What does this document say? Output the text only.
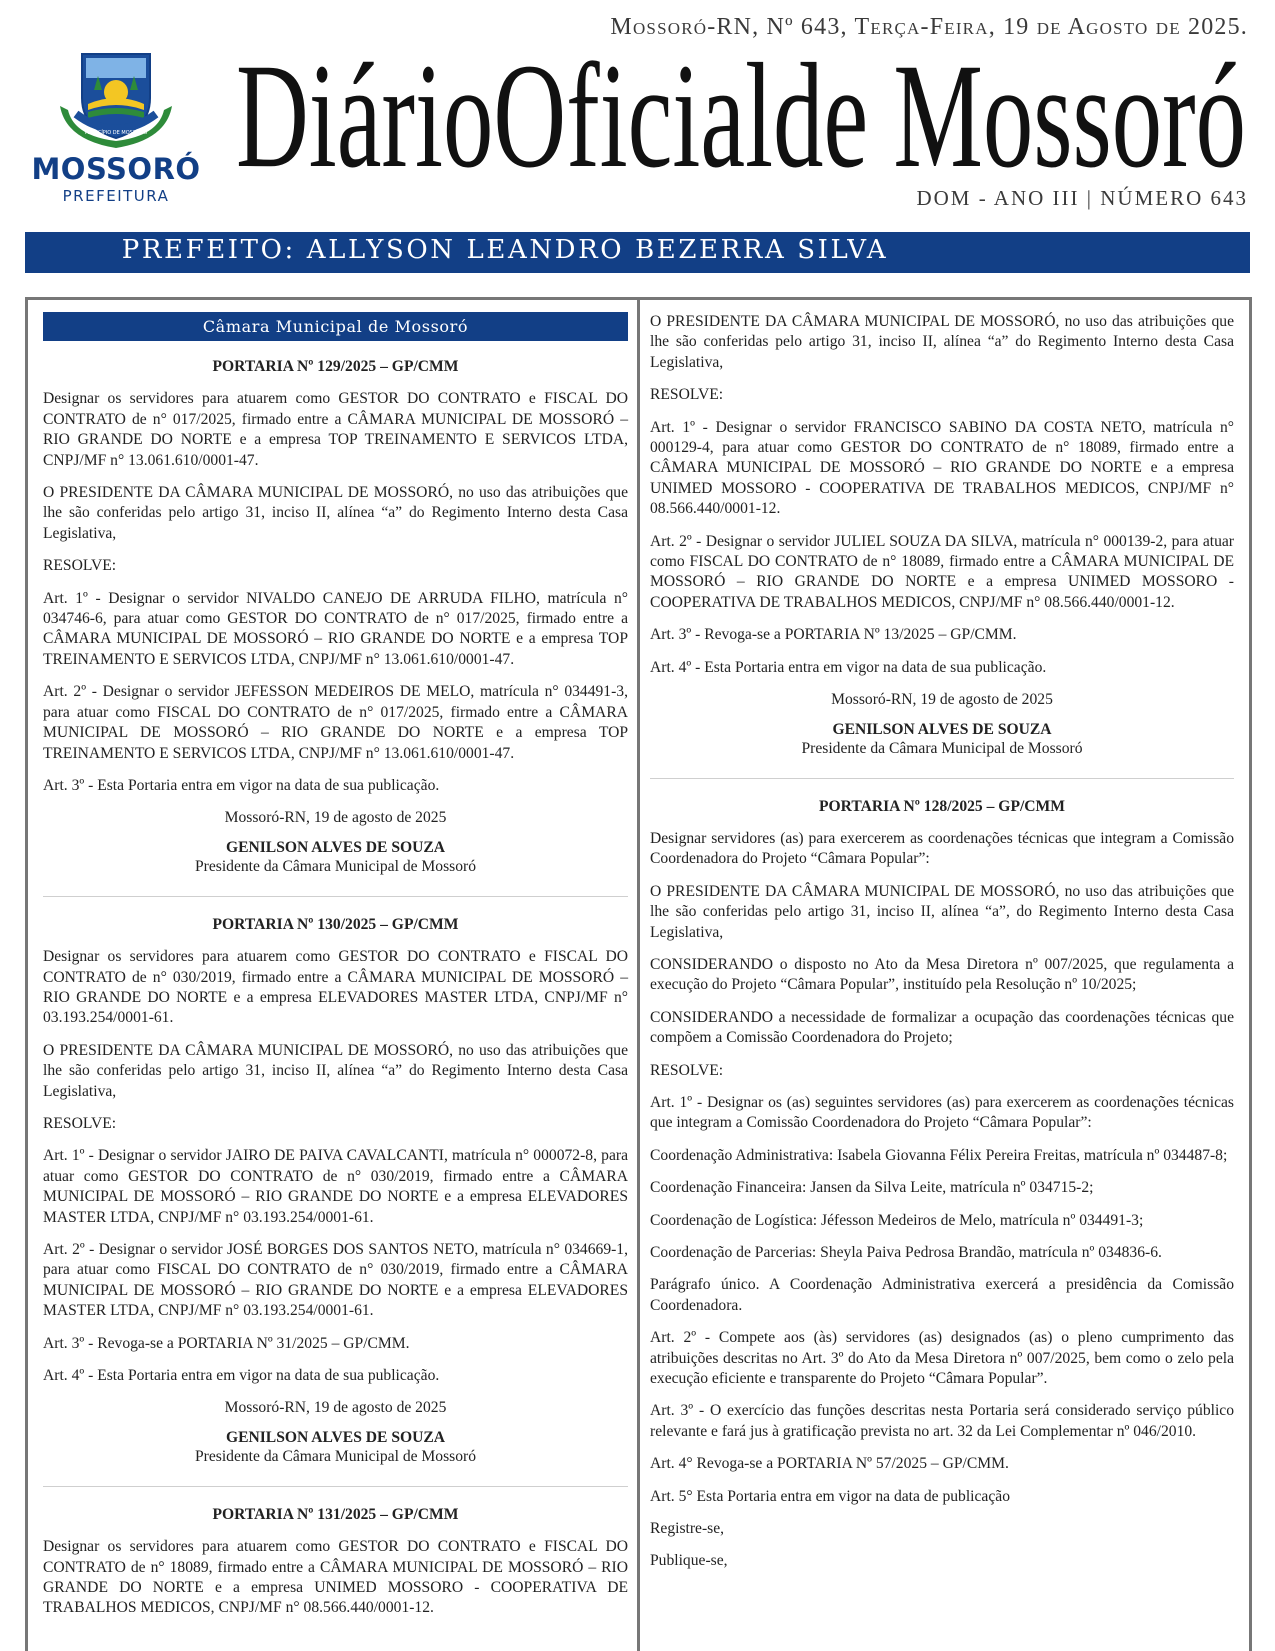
Mossoró-RN, Nº 643, Terça-Feira, 19 de Agosto de 2025.
MUNICÍPIO DE MOSSORÓ
MOSSORÓ
PREFEITURA DiárioOficialde Mossoró
DOM - ANO III | NÚMERO 643
PREFEITO: ALLYSON LEANDRO BEZERRA SILVA
Câmara Municipal de Mossoró
PORTARIA Nº 129/2025 – GP/CMM
Designar os servidores para atuarem como GESTOR DO CONTRATO e FISCAL DO CONTRATO de n° 017/2025, firmado entre a CÂMARA MUNICIPAL DE MOSSORÓ – RIO GRANDE DO NORTE e a empresa TOP TREINAMENTO E SERVICOS LTDA, CNPJ/MF n° 13.061.610/0001-47.
O PRESIDENTE DA CÂMARA MUNICIPAL DE MOSSORÓ, no uso das atribuições que lhe são conferidas pelo artigo 31, inciso II, alínea “a” do Regimento Interno desta Casa Legislativa,
RESOLVE:
Art. 1º - Designar o servidor NIVALDO CANEJO DE ARRUDA FILHO, matrícula n° 034746-6, para atuar como GESTOR DO CONTRATO de n° 017/2025, firmado entre a CÂMARA MUNICIPAL DE MOSSORÓ – RIO GRANDE DO NORTE e a empresa TOP TREINAMENTO E SERVICOS LTDA, CNPJ/MF n° 13.061.610/0001-47.
Art. 2º - Designar o servidor JEFESSON MEDEIROS DE MELO, matrícula n° 034491-3, para atuar como FISCAL DO CONTRATO de n° 017/2025, firmado entre a CÂMARA MUNICIPAL DE MOSSORÓ – RIO GRANDE DO NORTE e a empresa TOP TREINAMENTO E SERVICOS LTDA, CNPJ/MF n° 13.061.610/0001-47.
Art. 3º - Esta Portaria entra em vigor na data de sua publicação.
Mossoró-RN, 19 de agosto de 2025
GENILSON ALVES DE SOUZA
Presidente da Câmara Municipal de Mossoró
PORTARIA Nº 130/2025 – GP/CMM
Designar os servidores para atuarem como GESTOR DO CONTRATO e FISCAL DO CONTRATO de n° 030/2019, firmado entre a CÂMARA MUNICIPAL DE MOSSORÓ – RIO GRANDE DO NORTE e a empresa ELEVADORES MASTER LTDA, CNPJ/MF n° 03.193.254/0001-61.
O PRESIDENTE DA CÂMARA MUNICIPAL DE MOSSORÓ, no uso das atribuições que lhe são conferidas pelo artigo 31, inciso II, alínea “a” do Regimento Interno desta Casa Legislativa,
RESOLVE:
Art. 1º - Designar o servidor JAIRO DE PAIVA CAVALCANTI, matrícula n° 000072-8, para atuar como GESTOR DO CONTRATO de n° 030/2019, firmado entre a CÂMARA MUNICIPAL DE MOSSORÓ – RIO GRANDE DO NORTE e a empresa ELEVADORES MASTER LTDA, CNPJ/MF n° 03.193.254/0001-61.
Art. 2º - Designar o servidor JOSÉ BORGES DOS SANTOS NETO, matrícula n° 034669-1, para atuar como FISCAL DO CONTRATO de n° 030/2019, firmado entre a CÂMARA MUNICIPAL DE MOSSORÓ – RIO GRANDE DO NORTE e a empresa ELEVADORES MASTER LTDA, CNPJ/MF n° 03.193.254/0001-61.
Art. 3º - Revoga-se a PORTARIA Nº 31/2025 – GP/CMM.
Art. 4º - Esta Portaria entra em vigor na data de sua publicação.
Mossoró-RN, 19 de agosto de 2025
GENILSON ALVES DE SOUZA
Presidente da Câmara Municipal de Mossoró
PORTARIA Nº 131/2025 – GP/CMM
Designar os servidores para atuarem como GESTOR DO CONTRATO e FISCAL DO CONTRATO de n° 18089, firmado entre a CÂMARA MUNICIPAL DE MOSSORÓ – RIO GRANDE DO NORTE e a empresa UNIMED MOSSORO - COOPERATIVA DE TRABALHOS MEDICOS, CNPJ/MF n° 08.566.440/0001-12.
O PRESIDENTE DA CÂMARA MUNICIPAL DE MOSSORÓ, no uso das atribuições que lhe são conferidas pelo artigo 31, inciso II, alínea “a” do Regimento Interno desta Casa Legislativa,
RESOLVE:
Art. 1º - Designar o servidor FRANCISCO SABINO DA COSTA NETO, matrícula n° 000129-4, para atuar como GESTOR DO CONTRATO de n° 18089, firmado entre a CÂMARA MUNICIPAL DE MOSSORÓ – RIO GRANDE DO NORTE e a empresa UNIMED MOSSORO - COOPERATIVA DE TRABALHOS MEDICOS, CNPJ/MF n° 08.566.440/0001-12.
Art. 2º - Designar o servidor JULIEL SOUZA DA SILVA, matrícula n° 000139-2, para atuar como FISCAL DO CONTRATO de n° 18089, firmado entre a CÂMARA MUNICIPAL DE MOSSORÓ – RIO GRANDE DO NORTE e a empresa UNIMED MOSSORO - COOPERATIVA DE TRABALHOS MEDICOS, CNPJ/MF n° 08.566.440/0001-12.
Art. 3º - Revoga-se a PORTARIA Nº 13/2025 – GP/CMM.
Art. 4º - Esta Portaria entra em vigor na data de sua publicação.
Mossoró-RN, 19 de agosto de 2025
GENILSON ALVES DE SOUZA
Presidente da Câmara Municipal de Mossoró
PORTARIA Nº 128/2025 – GP/CMM
Designar servidores (as) para exercerem as coordenações técnicas que integram a Comissão Coordenadora do Projeto “Câmara Popular”:
O PRESIDENTE DA CÂMARA MUNICIPAL DE MOSSORÓ, no uso das atribuições que lhe são conferidas pelo artigo 31, inciso II, alínea “a”, do Regimento Interno desta Casa Legislativa,
CONSIDERANDO o disposto no Ato da Mesa Diretora nº 007/2025, que regulamenta a execução do Projeto “Câmara Popular”, instituído pela Resolução nº 10/2025;
CONSIDERANDO a necessidade de formalizar a ocupação das coordenações técnicas que compõem a Comissão Coordenadora do Projeto;
RESOLVE:
Art. 1º - Designar os (as) seguintes servidores (as) para exercerem as coordenações técnicas que integram a Comissão Coordenadora do Projeto “Câmara Popular”:
Coordenação Administrativa: Isabela Giovanna Félix Pereira Freitas, matrícula nº 034487-8;
Coordenação Financeira: Jansen da Silva Leite, matrícula nº 034715-2;
Coordenação de Logística: Jéfesson Medeiros de Melo, matrícula nº 034491-3;
Coordenação de Parcerias: Sheyla Paiva Pedrosa Brandão, matrícula nº 034836-6.
Parágrafo único. A Coordenação Administrativa exercerá a presidência da Comissão Coordenadora.
Art. 2º - Compete aos (às) servidores (as) designados (as) o pleno cumprimento das atribuições descritas no Art. 3º do Ato da Mesa Diretora nº 007/2025, bem como o zelo pela execução eficiente e transparente do Projeto “Câmara Popular”.
Art. 3º - O exercício das funções descritas nesta Portaria será considerado serviço público relevante e fará jus à gratificação prevista no art. 32 da Lei Complementar nº 046/2010.
Art. 4° Revoga-se a PORTARIA Nº 57/2025 – GP/CMM.
Art. 5° Esta Portaria entra em vigor na data de publicação
Registre-se,
Publique-se,
